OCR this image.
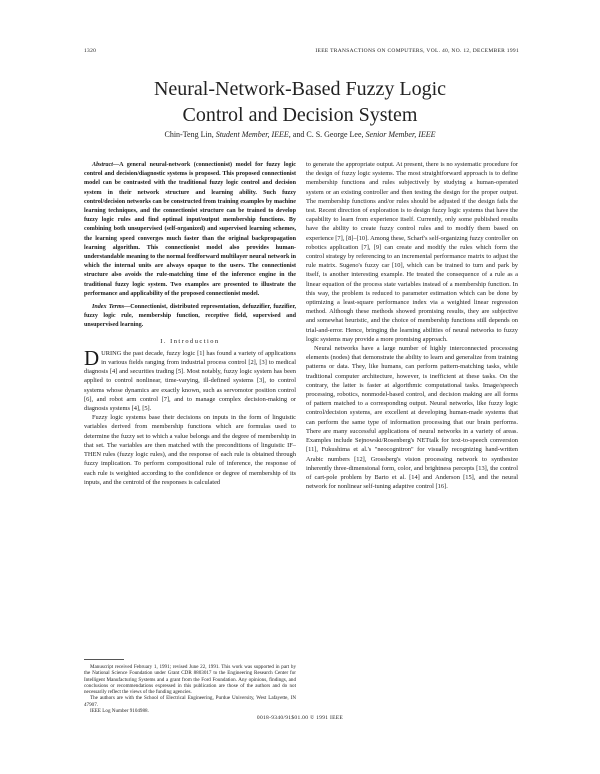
1320	IEEE TRANSACTIONS ON COMPUTERS, VOL. 40, NO. 12, DECEMBER 1991
Neural-Network-Based Fuzzy Logic
Control and Decision System
Chin-Teng Lin, Student Member, IEEE, and C. S. George Lee, Senior Member, IEEE

Abstract—A general neural-network (connectionist) model for fuzzy logic control and decision/diagnostic systems is proposed. This proposed connectionist model can be contrasted with the traditional fuzzy logic control and decision system in their network structure and learning ability. Such fuzzy control/decision networks can be constructed from training examples by machine learning techniques, and the connectionist structure can be trained to develop fuzzy logic rules and find optimal input/output membership functions. By combining both unsupervised (self-organized) and supervised learning schemes, the learning speed converges much faster than the original backpropagation learning algorithm. This connectionist model also provides human-understandable meaning to the normal feedforward multilayer neural network in which the internal units are always opaque to the users. The connectionist structure also avoids the rule-matching time of the inference engine in the traditional fuzzy logic system. Two examples are presented to illustrate the performance and applicability of the proposed connectionist model.

Index Terms—Connectionist, distributed representation, defuzzifier, fuzzifier, fuzzy logic rule, membership function, receptive field, supervised and unsupervised learning.

I. Introduction

DURING the past decade, fuzzy logic [1] has found a variety of applications in various fields ranging from industrial process control [2], [3] to medical diagnosis [4] and securities trading [5]. Most notably, fuzzy logic system has been applied to control nonlinear, time-varying, ill-defined systems [3], to control systems whose dynamics are exactly known, such as servomotor position control [6], and robot arm control [7], and to manage complex decision-making or diagnosis systems [4], [5].

Fuzzy logic systems base their decisions on inputs in the form of linguistic variables derived from membership functions which are formulas used to determine the fuzzy set to which a value belongs and the degree of membership in that set. The variables are then matched with the preconditions of linguistic IF–THEN rules (fuzzy logic rules), and the response of each rule is obtained through fuzzy implication. To perform compositional rule of inference, the response of each rule is weighted according to the confidence or degree of membership of its inputs, and the centroid of the responses is calculated

to generate the appropriate output. At present, there is no systematic procedure for the design of fuzzy logic systems. The most straightforward approach is to define membership functions and rules subjectively by studying a human-operated system or an existing controller and then testing the design for the proper output. The membership functions and/or rules should be adjusted if the design fails the test. Recent direction of exploration is to design fuzzy logic systems that have the capability to learn from experience itself. Currently, only some published results have the ability to create fuzzy control rules and to modify them based on experience [7], [8]–[10]. Among these, Scharf's self-organizing fuzzy controller on robotics application [7], [9] can create and modify the rules which form the control strategy by referencing to an incremental performance matrix to adjust the rule matrix. Sugeno's fuzzy car [10], which can be trained to turn and park by itself, is another interesting example. He treated the consequence of a rule as a linear equation of the process state variables instead of a membership function. In this way, the problem is reduced to parameter estimation which can be done by optimizing a least-square performance index via a weighted linear regression method. Although these methods showed promising results, they are subjective and somewhat heuristic, and the choice of membership functions still depends on trial-and-error. Hence, bringing the learning abilities of neural networks to fuzzy logic systems may provide a more promising approach.

Neural networks have a large number of highly interconnected processing elements (nodes) that demonstrate the ability to learn and generalize from training patterns or data. They, like humans, can perform pattern-matching tasks, while traditional computer architecture, however, is inefficient at these tasks. On the contrary, the latter is faster at algorithmic computational tasks. Image/speech processing, robotics, nonmodel-based control, and decision making are all forms of pattern matched to a corresponding output. Neural networks, like fuzzy logic control/decision systems, are excellent at developing human-made systems that can perform the same type of information processing that our brain performs. There are many successful applications of neural networks in a variety of areas. Examples include Sejnowski/Rosenberg's NETtalk for text-to-speech conversion [11], Fukushima et al.'s "neocognitron" for visually recognizing hand-written Arabic numbers [12], Grossberg's vision processing network to synthesize inherently three-dimensional form, color, and brightness percepts [13], the control of cart-pole problem by Barto et al. [14] and Anderson [15], and the neural network for nonlinear self-tuning adaptive control [16].

Manuscript received February 1, 1991; revised June 22, 1991. This work was supported in part by the National Science Foundation under Grant CDR 8803017 to the Engineering Research Center for Intelligent Manufacturing Systems and a grant from the Ford Foundation. Any opinions, findings, and conclusions or recommendations expressed in this publication are those of the authors and do not necessarily reflect the views of the funding agencies.

The authors are with the School of Electrical Engineering, Purdue University, West Lafayette, IN 47907.

IEEE Log Number 9104988.

0018-9340/91$01.00 © 1991 IEEE
